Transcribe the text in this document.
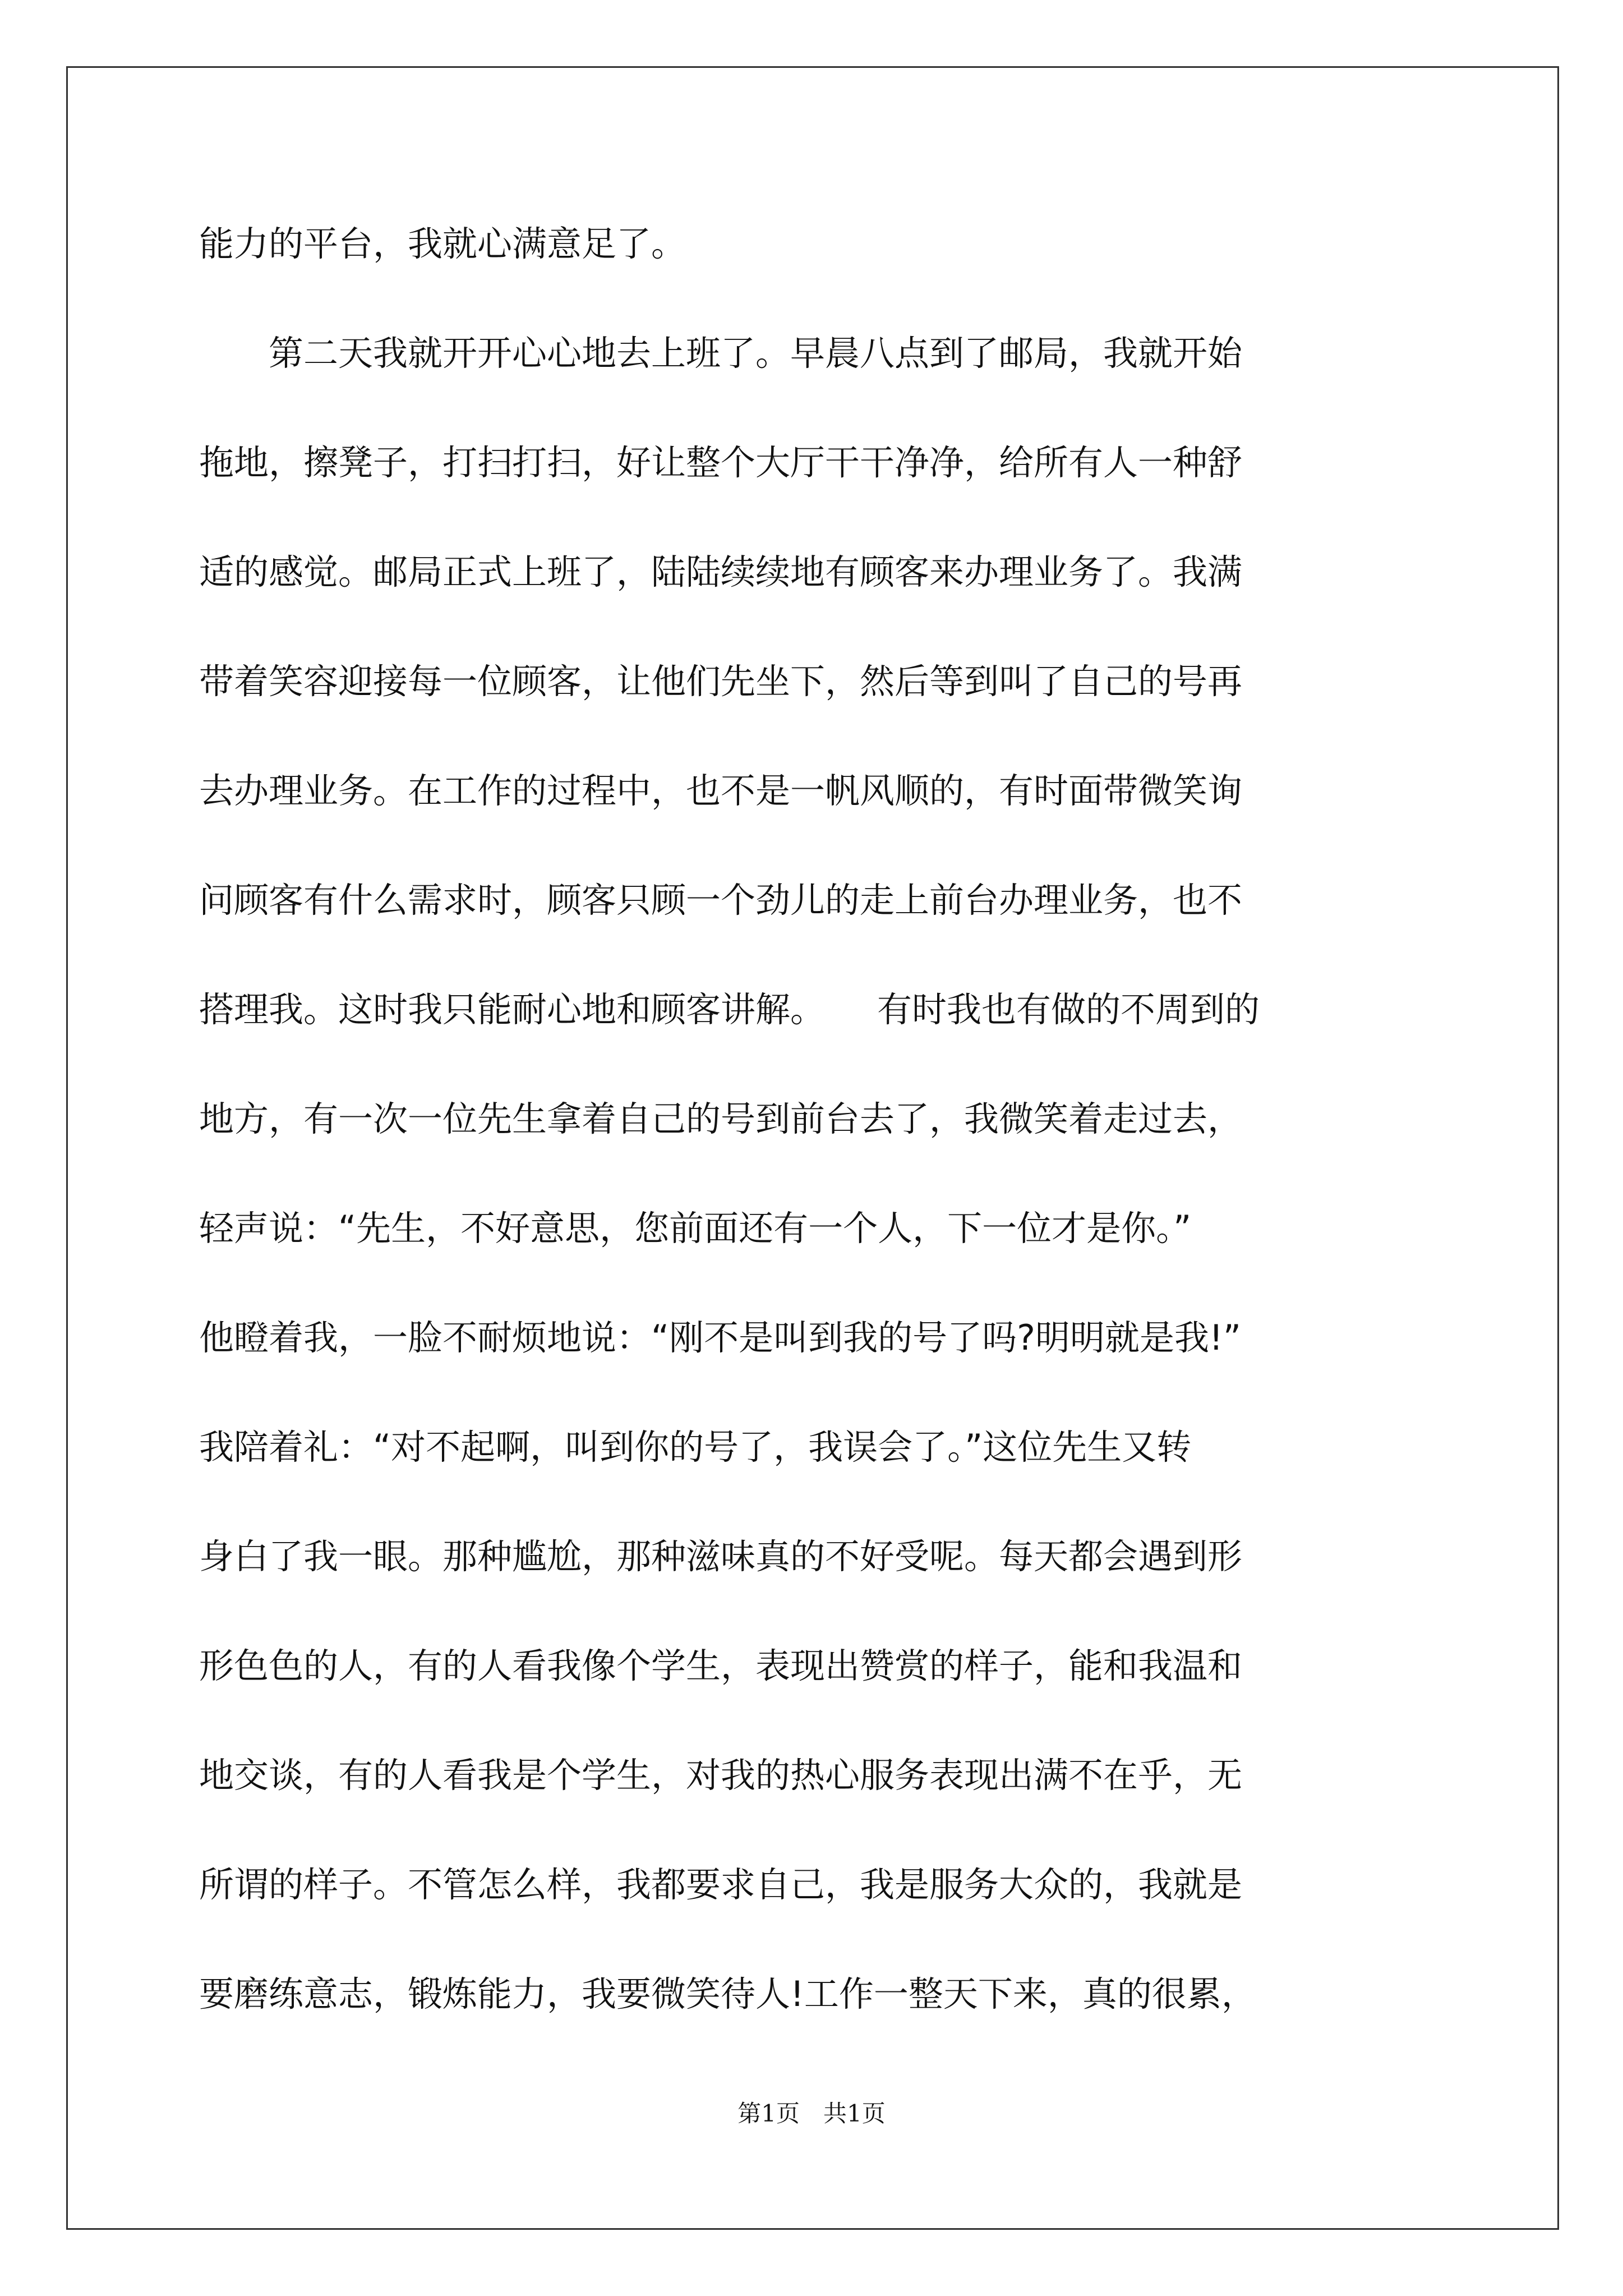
能力的平台，我就心满意足了。
　　第二天我就开开心心地去上班了。早晨八点到了邮局，我就开始
拖地，擦凳子，打扫打扫，好让整个大厅干干净净，给所有人一种舒
适的感觉。邮局正式上班了，陆陆续续地有顾客来办理业务了。我满
带着笑容迎接每一位顾客，让他们先坐下，然后等到叫了自己的号再
去办理业务。在工作的过程中，也不是一帆风顺的，有时面带微笑询
问顾客有什么需求时，顾客只顾一个劲儿的走上前台办理业务，也不
搭理我。这时我只能耐心地和顾客讲解。　　有时我也有做的不周到的
地方，有一次一位先生拿着自己的号到前台去了，我微笑着走过去，
轻声说：“先生，不好意思，您前面还有一个人，下一位才是你。”
他瞪着我，一脸不耐烦地说：“刚不是叫到我的号了吗?明明就是我!”
我陪着礼：“对不起啊，叫到你的号了，我误会了。”这位先生又转
身白了我一眼。那种尴尬，那种滋味真的不好受呢。每天都会遇到形
形色色的人，有的人看我像个学生，表现出赞赏的样子，能和我温和
地交谈，有的人看我是个学生，对我的热心服务表现出满不在乎，无
所谓的样子。不管怎么样，我都要求自己，我是服务大众的，我就是
要磨练意志，锻炼能力，我要微笑待人!工作一整天下来，真的很累，
第1页　共1页
